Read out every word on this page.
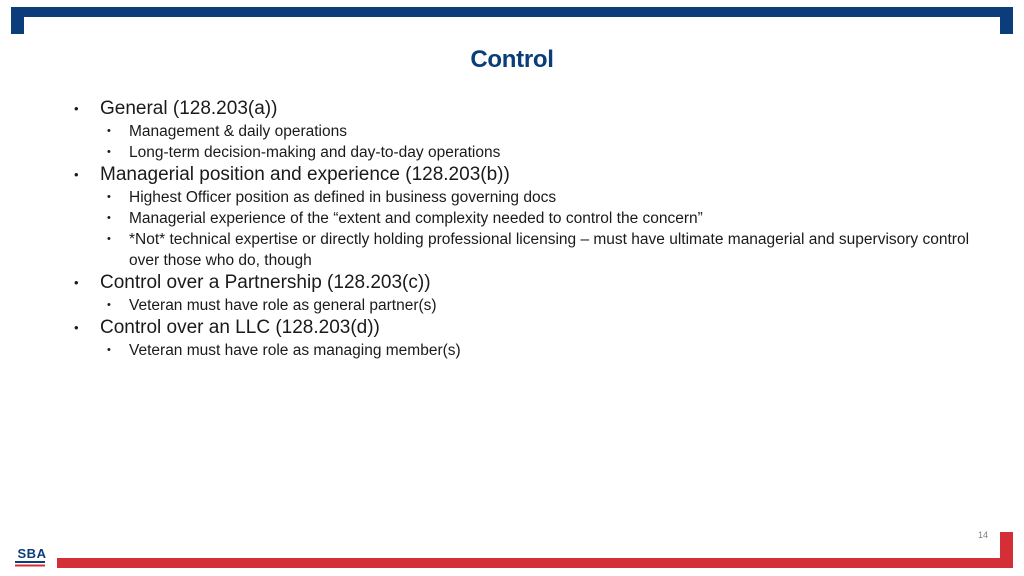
Control
• General (128.203(a))
• Management & daily operations
• Long-term decision-making and day-to-day operations
• Managerial position and experience (128.203(b))
• Highest Officer position as defined in business governing docs
• Managerial experience of the “extent and complexity needed to control the concern”
• *Not* technical expertise or directly holding professional licensing – must have ultimate managerial and supervisory control over those who do, though
• Control over a Partnership (128.203(c))
• Veteran must have role as general partner(s)
• Control over an LLC (128.203(d))
• Veteran must have role as managing member(s)
14
SBA
